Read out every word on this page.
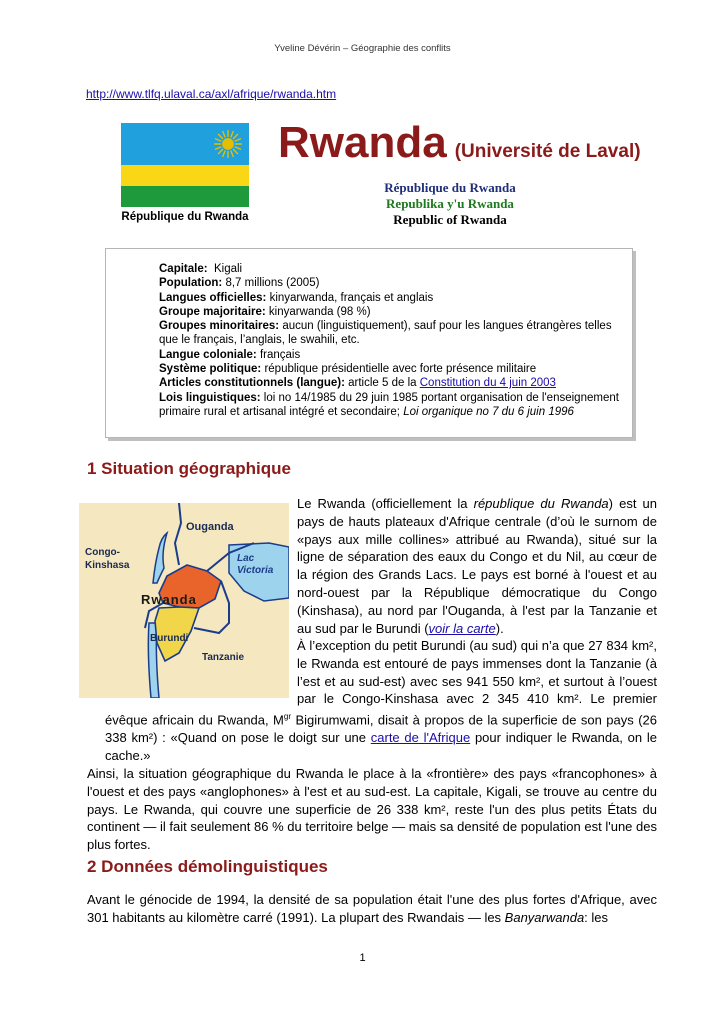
Yveline Dévérin – Géographie des conflits
http://www.tlfq.ulaval.ca/axl/afrique/rwanda.htm
République du Rwanda
Rwanda (Université de Laval)
République du Rwanda
Republika y'u Rwanda
Republic of Rwanda
Capitale: Kigali
Population: 8,7 millions (2005)
Langues officielles: kinyarwanda, français et anglais
Groupe majoritaire: kinyarwanda (98 %)
Groupes minoritaires: aucun (linguistiquement), sauf pour les langues étrangères telles que le français, l’anglais, le swahili, etc.
Langue coloniale: français
Système politique: république présidentielle avec forte présence militaire
Articles constitutionnels (langue): article 5 de la Constitution du 4 juin 2003
Lois linguistiques: loi no 14/1985 du 29 juin 1985 portant organisation de l'enseignement primaire rural et artisanal intégré et secondaire; Loi organique no 7 du 6 juin 1996
1 Situation géographique
Ouganda
Congo-
Kinshasa
Lac
Victoria
Rwanda
Burundi
Tanzanie
Le Rwanda (officiellement la république du Rwanda) est un pays de hauts plateaux d'Afrique centrale (d’où le surnom de «pays aux mille collines» attribué au Rwanda), situé sur la ligne de séparation des eaux du Congo et du Nil, au cœur de la région des Grands Lacs. Le pays est borné à l'ouest et au nord-ouest par la République démocratique du Congo (Kinshasa), au nord par l'Ouganda, à l'est par la Tanzanie et au sud par le Burundi (voir la carte).
À l’exception du petit Burundi (au sud) qui n’a que 27 834 km², le Rwanda est entouré de pays immenses dont la Tanzanie (à l’est et au sud-est) avec ses 941 550 km², et surtout à l’ouest par le Congo-Kinshasa avec 2 345 410 km². Le premier évêque africain du Rwanda, $M^{gr}$ Bigirumwami, disait à propos de la superficie de son pays (26 338 km²) : «Quand on pose le doigt sur une carte de l'Afrique pour indiquer le Rwanda, on le cache.»
Ainsi, la situation géographique du Rwanda le place à la «frontière» des pays «francophones» à l'ouest et des pays «anglophones» à l'est et au sud-est. La capitale, Kigali, se trouve au centre du pays. Le Rwanda, qui couvre une superficie de 26 338 km², reste l'un des plus petits États du continent — il fait seulement 86 % du territoire belge — mais sa densité de population est l'une des plus fortes.
2 Données démolinguistiques
Avant le génocide de 1994, la densité de sa population était l'une des plus fortes d'Afrique, avec 301 habitants au kilomètre carré (1991). La plupart des Rwandais — les Banyarwanda: les
1
